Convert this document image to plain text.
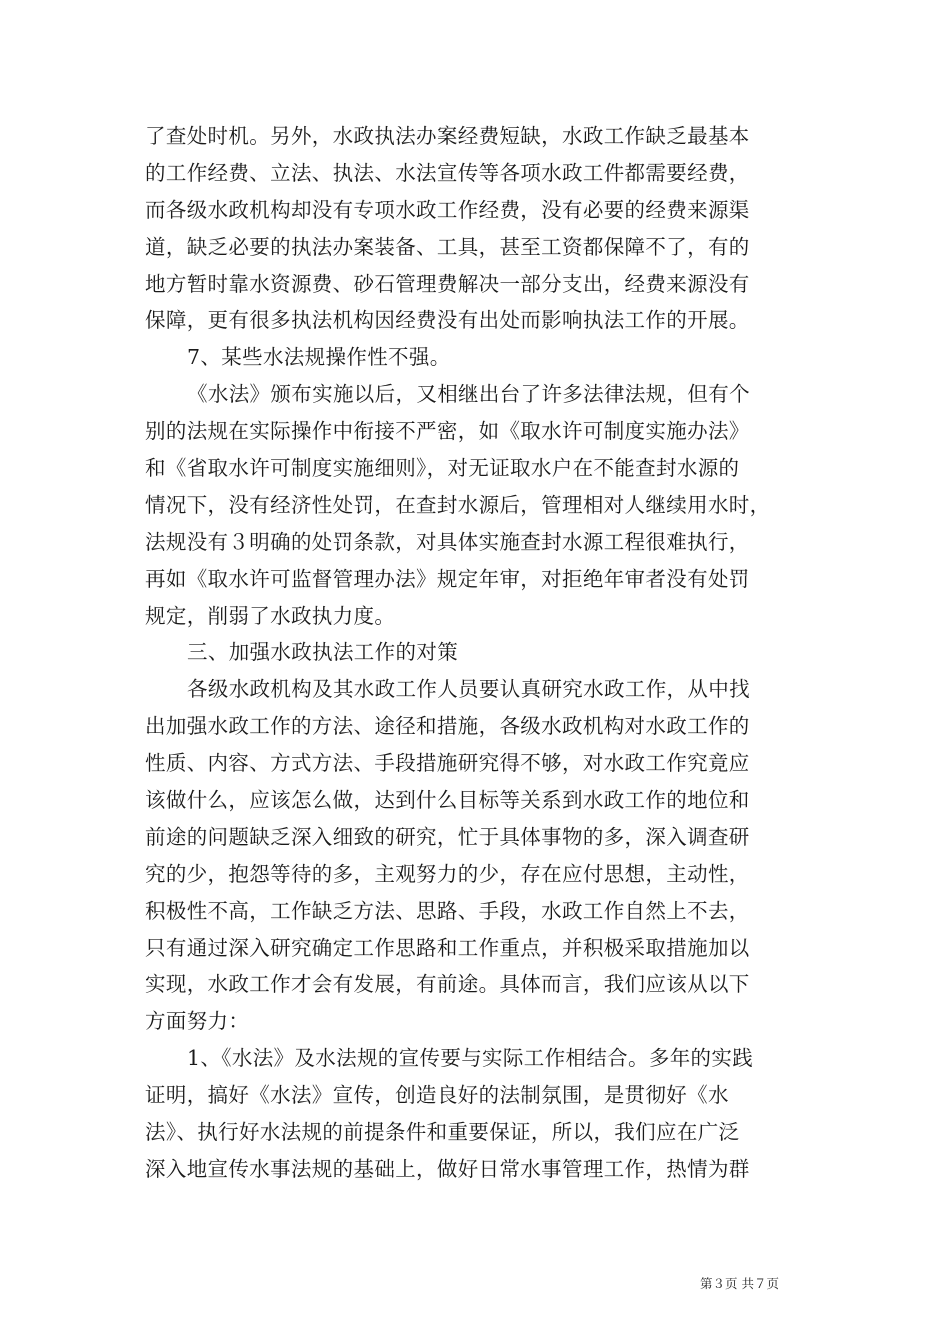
了查处时机。另外，水政执法办案经费短缺，水政工作缺乏最基本
的工作经费、立法、执法、水法宣传等各项水政工件都需要经费，
而各级水政机构却没有专项水政工作经费，没有必要的经费来源渠
道，缺乏必要的执法办案装备、工具，甚至工资都保障不了，有的
地方暂时靠水资源费、砂石管理费解决一部分支出，经费来源没有
保障，更有很多执法机构因经费没有出处而影响执法工作的开展。
7、某些水法规操作性不强。
《水法》颁布实施以后，又相继出台了许多法律法规，但有个
别的法规在实际操作中衔接不严密，如《取水许可制度实施办法》
和《省取水许可制度实施细则》，对无证取水户在不能查封水源的
情况下，没有经济性处罚，在查封水源后，管理相对人继续用水时，
法规没有３明确的处罚条款，对具体实施查封水源工程很难执行，
再如《取水许可监督管理办法》规定年审，对拒绝年审者没有处罚
规定，削弱了水政执力度。
三、加强水政执法工作的对策
各级水政机构及其水政工作人员要认真研究水政工作，从中找
出加强水政工作的方法、途径和措施，各级水政机构对水政工作的
性质、内容、方式方法、手段措施研究得不够，对水政工作究竟应
该做什么，应该怎么做，达到什么目标等关系到水政工作的地位和
前途的问题缺乏深入细致的研究，忙于具体事物的多，深入调查研
究的少，抱怨等待的多，主观努力的少，存在应付思想，主动性，
积极性不高，工作缺乏方法、思路、手段，水政工作自然上不去，
只有通过深入研究确定工作思路和工作重点，并积极采取措施加以
实现，水政工作才会有发展，有前途。具体而言，我们应该从以下
方面努力：
1、《水法》及水法规的宣传要与实际工作相结合。多年的实践
证明，搞好《水法》宣传，创造良好的法制氛围，是贯彻好《水
法》、执行好水法规的前提条件和重要保证，所以，我们应在广泛
深入地宣传水事法规的基础上，做好日常水事管理工作，热情为群
第３页 共７页
